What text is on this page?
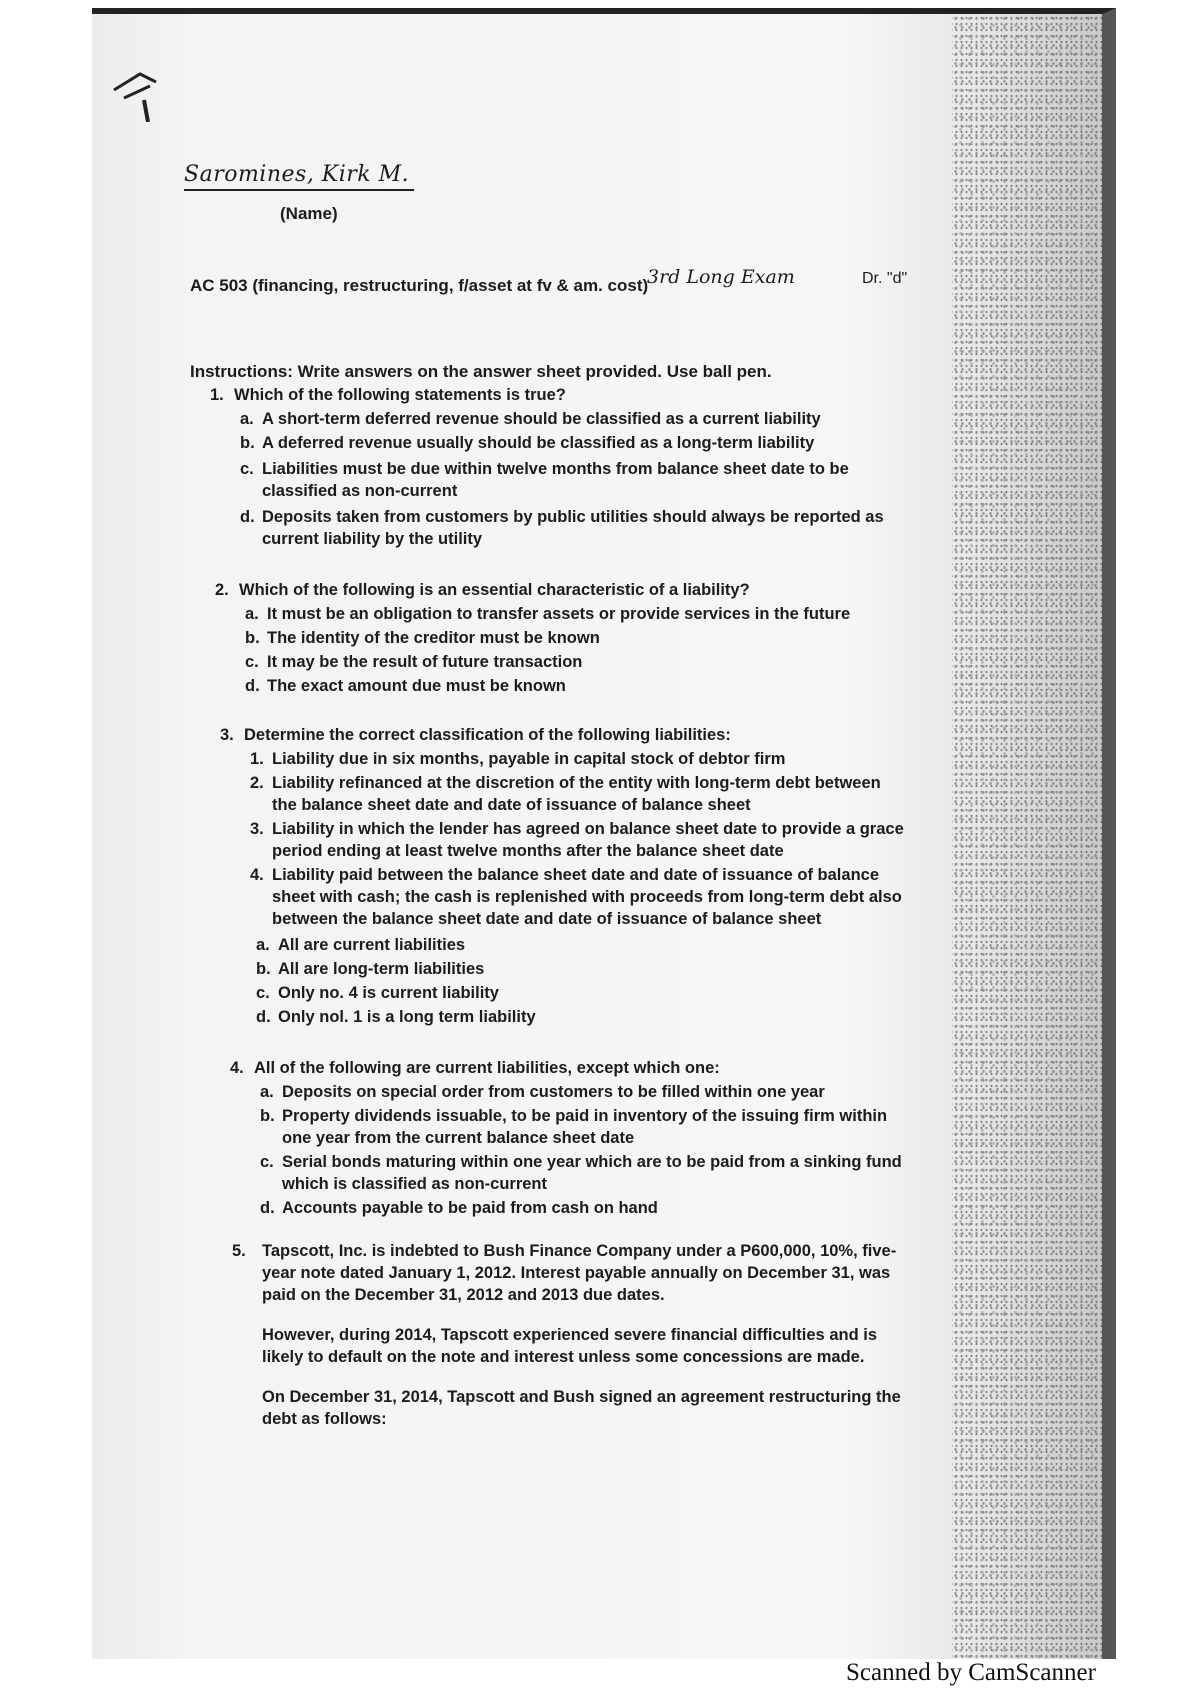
Saromines, Kirk M.
(Name)
AC 503 (financing, restructuring, f/asset at fv & am. cost)
3rd Long Exam	Dr. "d"
Instructions: Write answers on the answer sheet provided. Use ball pen.
1. Which of the following statements is true?
a. A short-term deferred revenue should be classified as a current liability
b. A deferred revenue usually should be classified as a long-term liability
c. Liabilities must be due within twelve months from balance sheet date to be classified as non-current
d. Deposits taken from customers by public utilities should always be reported as current liability by the utility
2. Which of the following is an essential characteristic of a liability?
a. It must be an obligation to transfer assets or provide services in the future
b. The identity of the creditor must be known
c. It may be the result of future transaction
d. The exact amount due must be known
3. Determine the correct classification of the following liabilities:
1. Liability due in six months, payable in capital stock of debtor firm
2. Liability refinanced at the discretion of the entity with long-term debt between the balance sheet date and date of issuance of balance sheet
3. Liability in which the lender has agreed on balance sheet date to provide a grace period ending at least twelve months after the balance sheet date
4. Liability paid between the balance sheet date and date of issuance of balance sheet with cash; the cash is replenished with proceeds from long-term debt also between the balance sheet date and date of issuance of balance sheet
a. All are current liabilities
b. All are long-term liabilities
c. Only no. 4 is current liability
d. Only nol. 1 is a long term liability
4. All of the following are current liabilities, except which one:
a. Deposits on special order from customers to be filled within one year
b. Property dividends issuable, to be paid in inventory of the issuing firm within one year from the current balance sheet date
c. Serial bonds maturing within one year which are to be paid from a sinking fund which is classified as non-current
d. Accounts payable to be paid from cash on hand
5. Tapscott, Inc. is indebted to Bush Finance Company under a P600,000, 10%, five-year note dated January 1, 2012. Interest payable annually on December 31, was paid on the December 31, 2012 and 2013 due dates.
However, during 2014, Tapscott experienced severe financial difficulties and is likely to default on the note and interest unless some concessions are made.
On December 31, 2014, Tapscott and Bush signed an agreement restructuring the debt as follows:
Scanned by CamScanner
